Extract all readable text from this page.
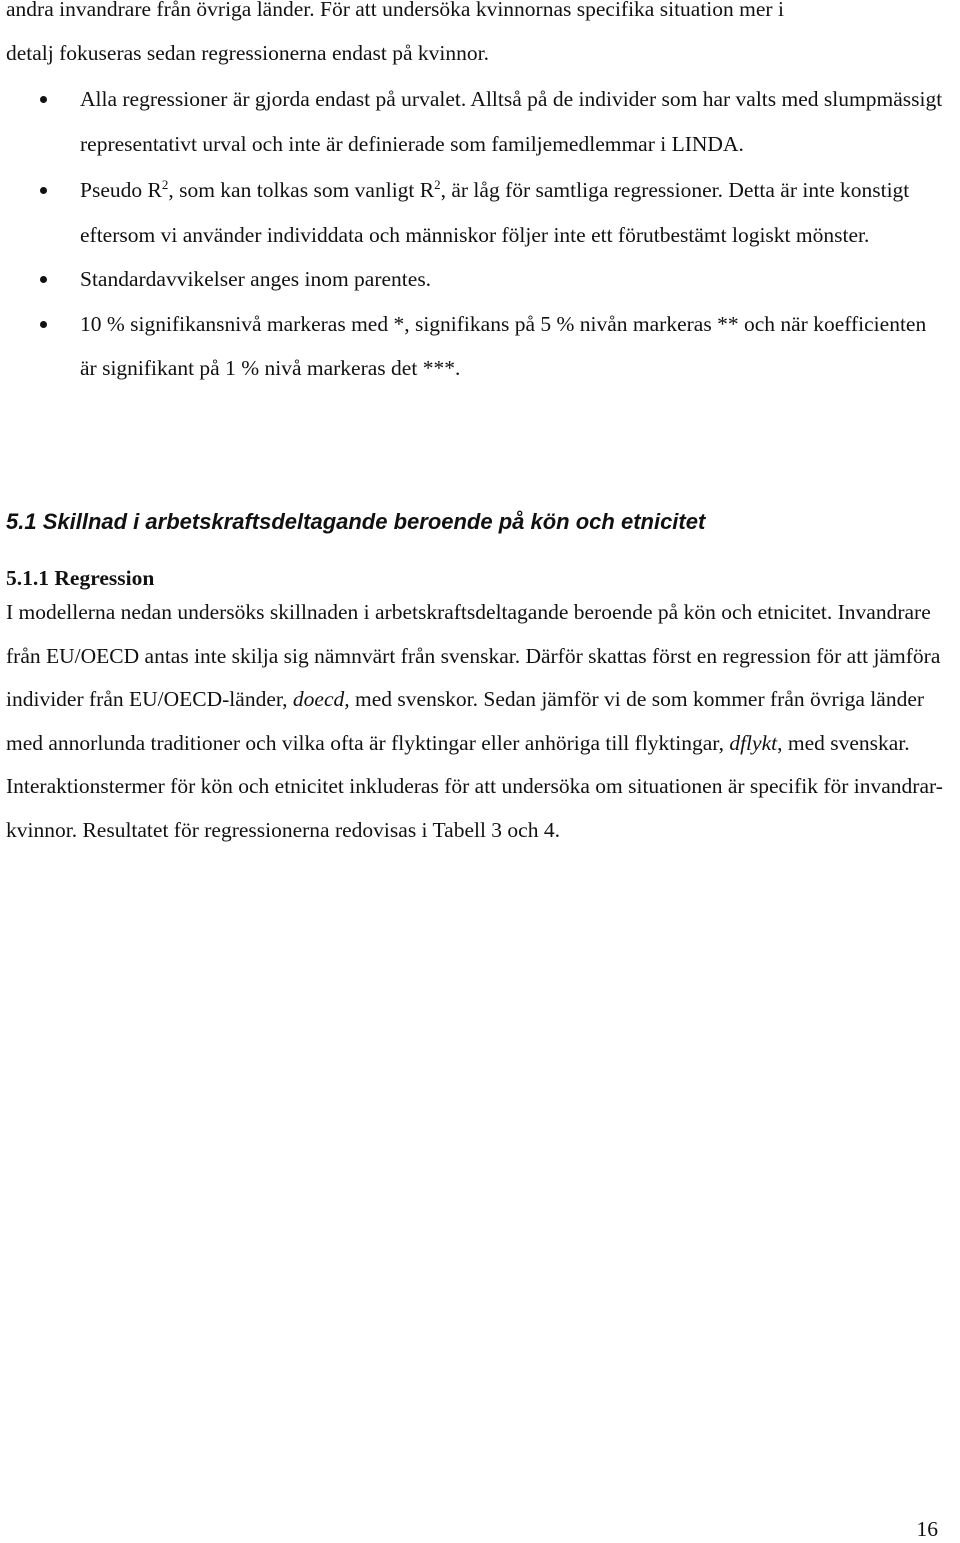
andra invandrare från övriga länder. För att undersöka kvinnornas specifika situation mer i
detalj fokuseras sedan regressionerna endast på kvinnor.

Alla regressioner är gjorda endast på urvalet. Alltså på de individer som har valts med slumpmässigt representativt urval och inte är definierade som familjemedlemmar i LINDA.
Pseudo $R^2$, som kan tolkas som vanligt $R^2$, är låg för samtliga regressioner. Detta är inte konstigt eftersom vi använder individdata och människor följer inte ett förutbestämt logiskt mönster.
Standardavvikelser anges inom parentes.
10 % signifikansnivå markeras med *, signifikans på 5 % nivån markeras ** och när koefficienten är signifikant på 1 % nivå markeras det ***.
5.1 Skillnad i arbetskraftsdeltagande beroende på kön och etnicitet
5.1.1 Regression

I modellerna nedan undersöks skillnaden i arbetskraftsdeltagande beroende på kön och etnicitet. Invandrare från EU/OECD antas inte skilja sig nämnvärt från svenskar. Därför skattas först en regression för att jämföra individer från EU/OECD-länder, doecd, med svenskor. Sedan jämför vi de som kommer från övriga länder med annorlunda traditioner och vilka ofta är flyktingar eller anhöriga till flyktingar, dflykt, med svenskar. Interaktionstermer för kön och etnicitet inkluderas för att undersöka om situationen är specifik för invandrar-kvinnor. Resultatet för regressionerna redovisas i Tabell 3 och 4.

16
